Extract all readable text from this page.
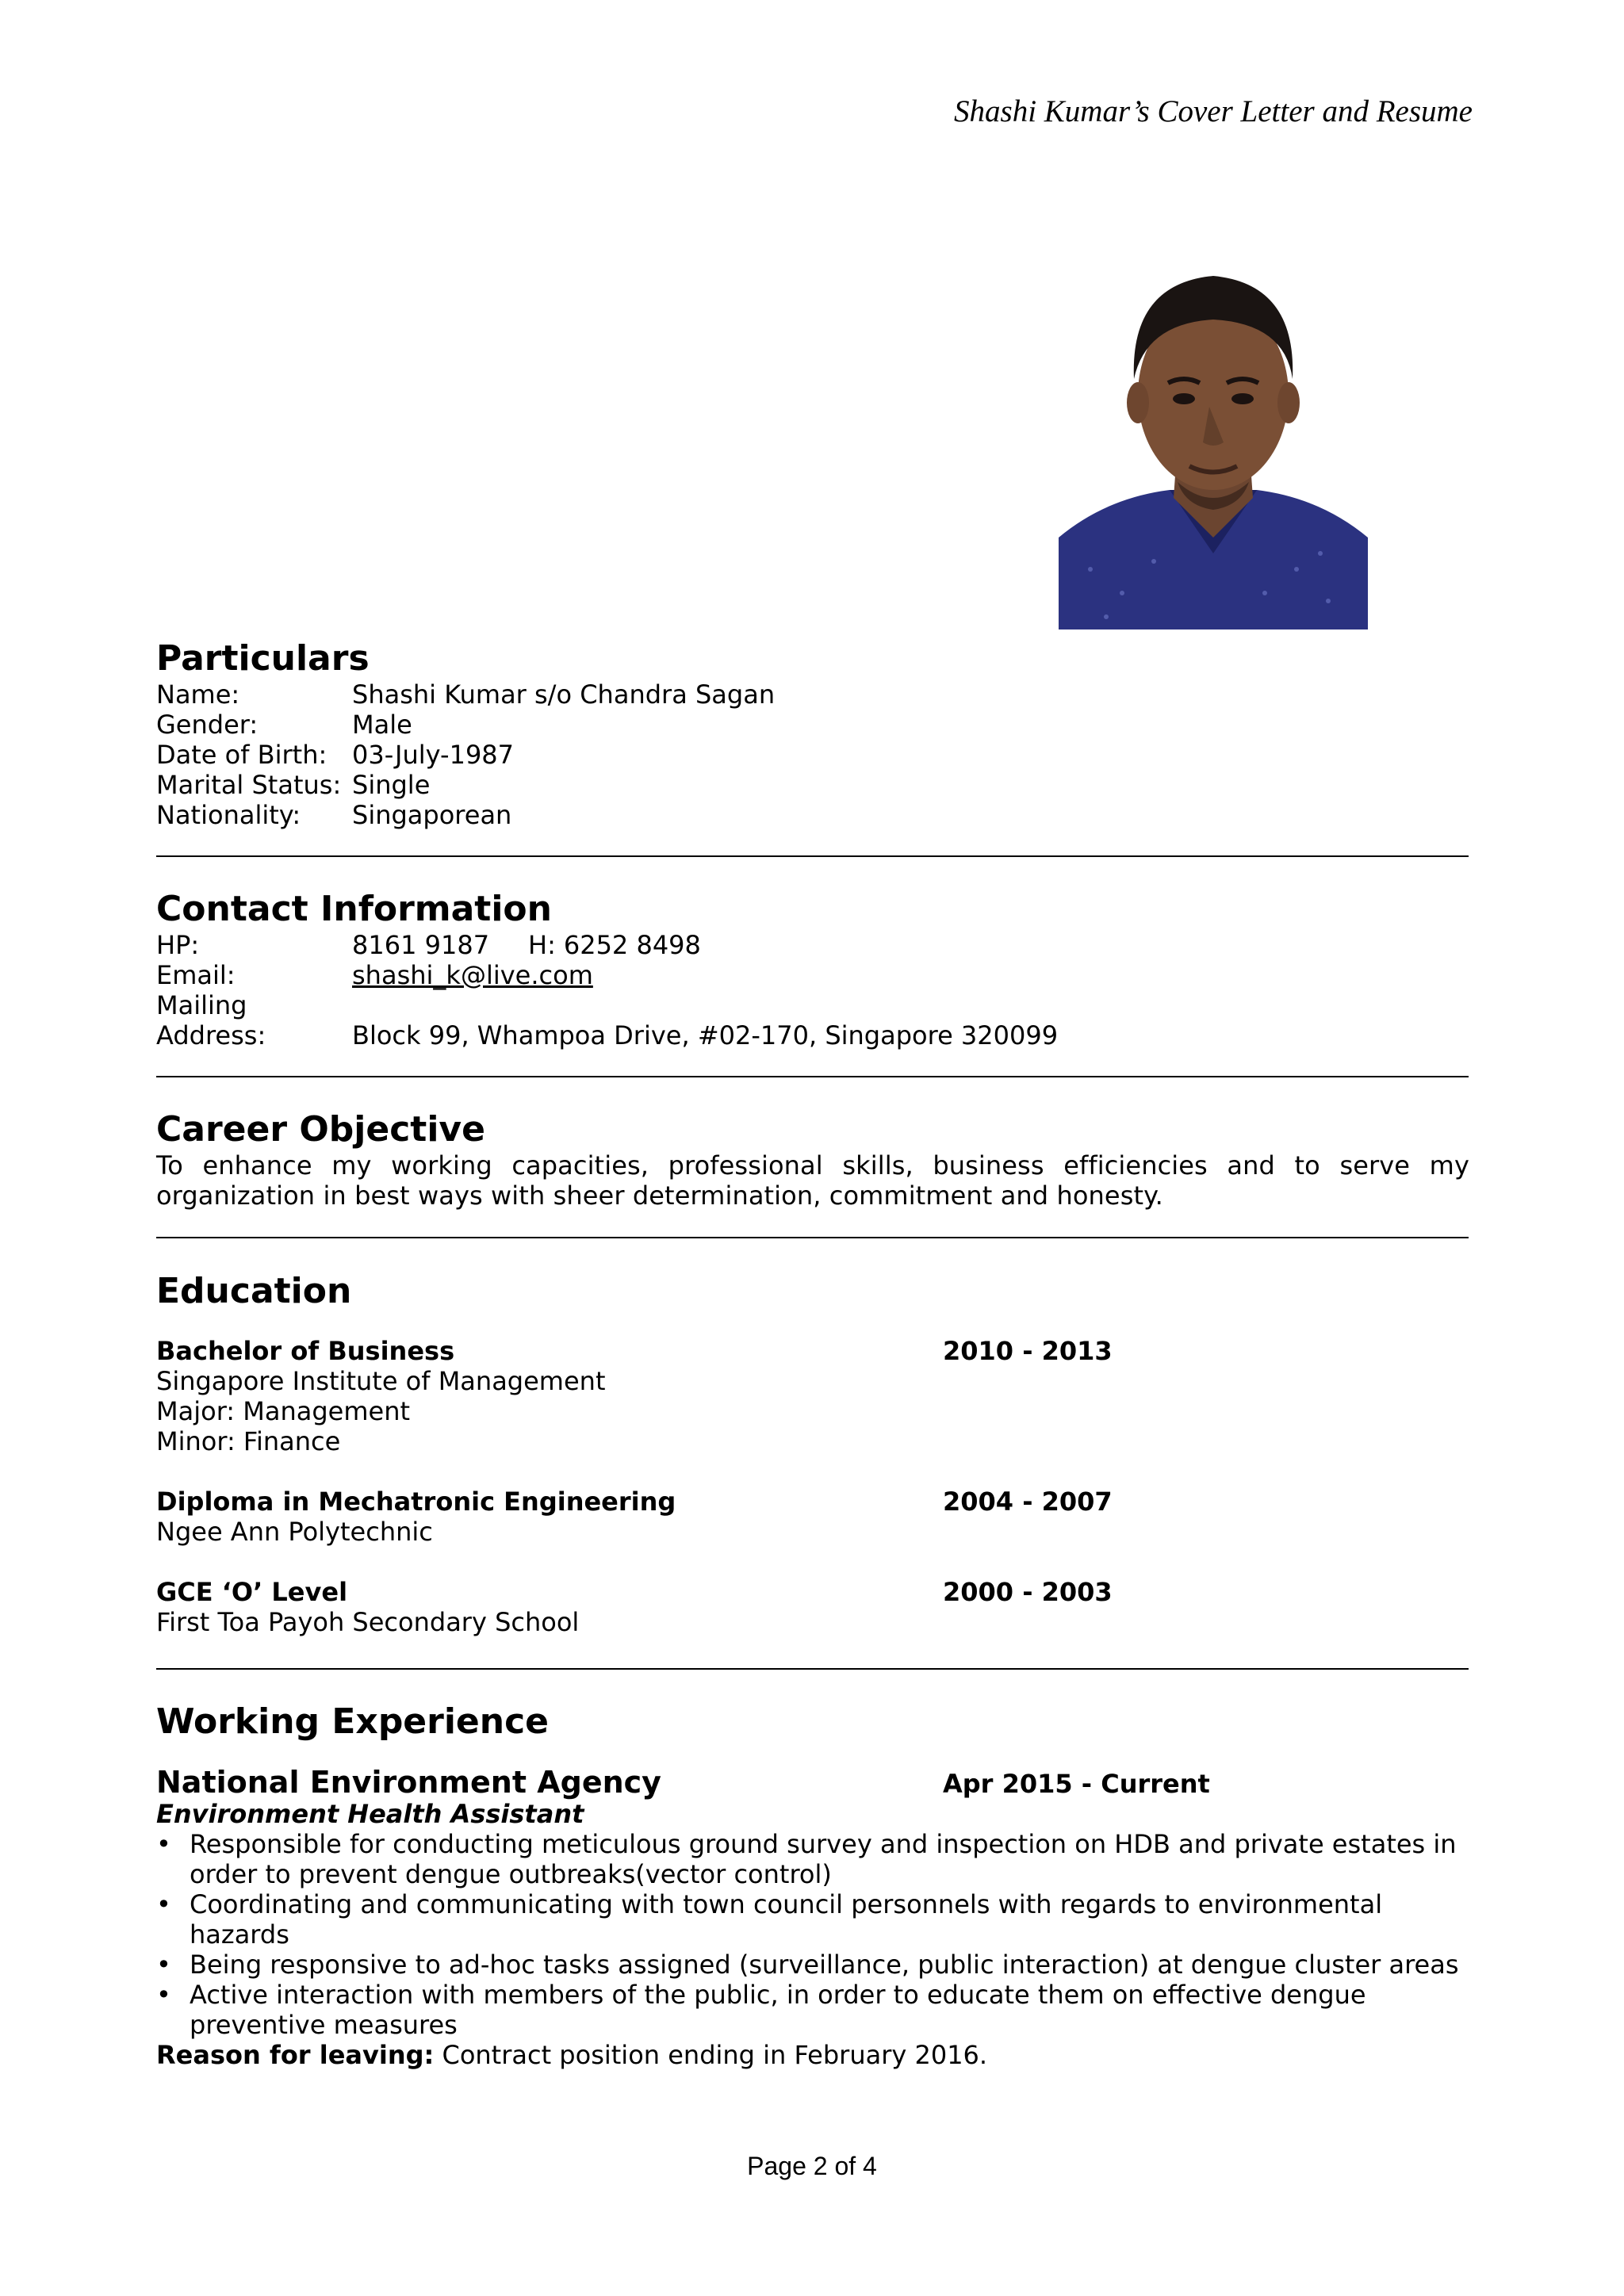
Shashi Kumar’s Cover Letter and Resume
Particulars
Name:	Shashi Kumar s/o Chandra Sagan
Gender:	Male
Date of Birth: 03-July-1987
Marital Status: Single
Nationality:	Singaporean
Contact Information
HP:	8161 9187	H: 6252 8498
Email:	shashi_k@live.com
Mailing
Address:	Block 99, Whampoa Drive, #02-170, Singapore 320099
Career Objective
To enhance my working capacities, professional skills, business efficiencies and to serve my organization in best ways with sheer determination, commitment and honesty.
Education
Bachelor of Business	2010 - 2013
Singapore Institute of Management
Major: Management
Minor: Finance
Diploma in Mechatronic Engineering	2004 - 2007
Ngee Ann Polytechnic
GCE ‘O’ Level	2000 - 2003
First Toa Payoh Secondary School
Working Experience
National Environment Agency	Apr 2015 - Current
Environment Health Assistant
• Responsible for conducting meticulous ground survey and inspection on HDB and private estates in order to prevent dengue outbreaks(vector control)
• Coordinating and communicating with town council personnels with regards to environmental hazards
• Being responsive to ad-hoc tasks assigned (surveillance, public interaction) at dengue cluster areas
• Active interaction with members of the public, in order to educate them on effective dengue preventive measures
Reason for leaving: Contract position ending in February 2016.
Page 2 of 4
